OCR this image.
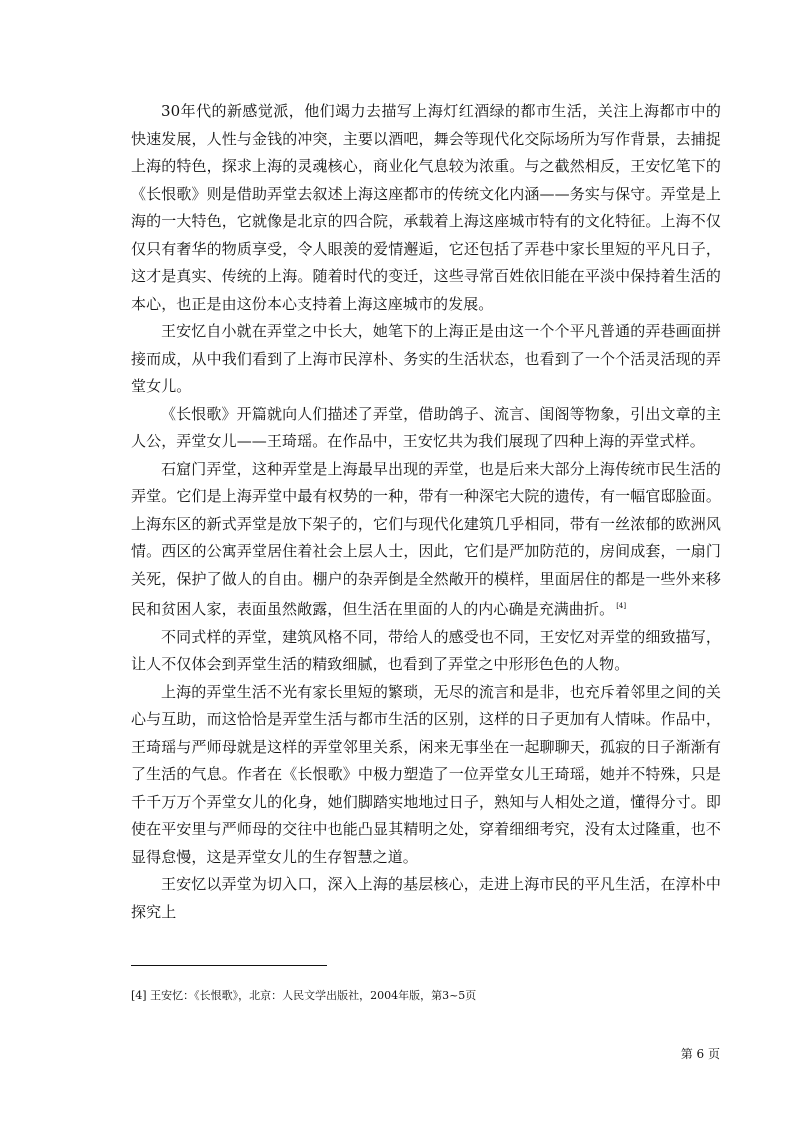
30年代的新感觉派，他们竭力去描写上海灯红酒绿的都市生活，关注上海都市中的快速发展，人性与金钱的冲突，主要以酒吧，舞会等现代化交际场所为写作背景，去捕捉上海的特色，探求上海的灵魂核心，商业化气息较为浓重。与之截然相反，王安忆笔下的《长恨歌》则是借助弄堂去叙述上海这座都市的传统文化内涵——务实与保守。弄堂是上海的一大特色，它就像是北京的四合院，承载着上海这座城市特有的文化特征。上海不仅仅只有奢华的物质享受，令人眼羡的爱情邂逅，它还包括了弄巷中家长里短的平凡日子，这才是真实、传统的上海。随着时代的变迁，这些寻常百姓依旧能在平淡中保持着生活的本心，也正是由这份本心支持着上海这座城市的发展。

王安忆自小就在弄堂之中长大，她笔下的上海正是由这一个个平凡普通的弄巷画面拼接而成，从中我们看到了上海市民淳朴、务实的生活状态，也看到了一个个活灵活现的弄堂女儿。

《长恨歌》开篇就向人们描述了弄堂，借助鸽子、流言、闺阁等物象，引出文章的主人公，弄堂女儿——王琦瑶。在作品中，王安忆共为我们展现了四种上海的弄堂式样。

石窟门弄堂，这种弄堂是上海最早出现的弄堂，也是后来大部分上海传统市民生活的弄堂。它们是上海弄堂中最有权势的一种，带有一种深宅大院的遗传，有一幅官邸脸面。上海东区的新式弄堂是放下架子的，它们与现代化建筑几乎相同，带有一丝浓郁的欧洲风情。西区的公寓弄堂居住着社会上层人士，因此，它们是严加防范的，房间成套，一扇门关死，保护了做人的自由。棚户的杂弄倒是全然敞开的模样，里面居住的都是一些外来移民和贫困人家，表面虽然敞露，但生活在里面的人的内心确是充满曲折。 [4]

不同式样的弄堂，建筑风格不同，带给人的感受也不同，王安忆对弄堂的细致描写，让人不仅体会到弄堂生活的精致细腻，也看到了弄堂之中形形色色的人物。

上海的弄堂生活不光有家长里短的繁琐，无尽的流言和是非，也充斥着邻里之间的关心与互助，而这恰恰是弄堂生活与都市生活的区别，这样的日子更加有人情味。作品中，王琦瑶与严师母就是这样的弄堂邻里关系，闲来无事坐在一起聊聊天，孤寂的日子渐渐有了生活的气息。作者在《长恨歌》中极力塑造了一位弄堂女儿王琦瑶，她并不特殊，只是千千万万个弄堂女儿的化身，她们脚踏实地地过日子，熟知与人相处之道，懂得分寸。即使在平安里与严师母的交往中也能凸显其精明之处，穿着细细考究，没有太过隆重，也不显得怠慢，这是弄堂女儿的生存智慧之道。

王安忆以弄堂为切入口，深入上海的基层核心，走进上海市民的平凡生活，在淳朴中探究上

[4] 王安忆：《长恨歌》，北京：人民文学出版社，2004年版，第3~5页

第 6 页
